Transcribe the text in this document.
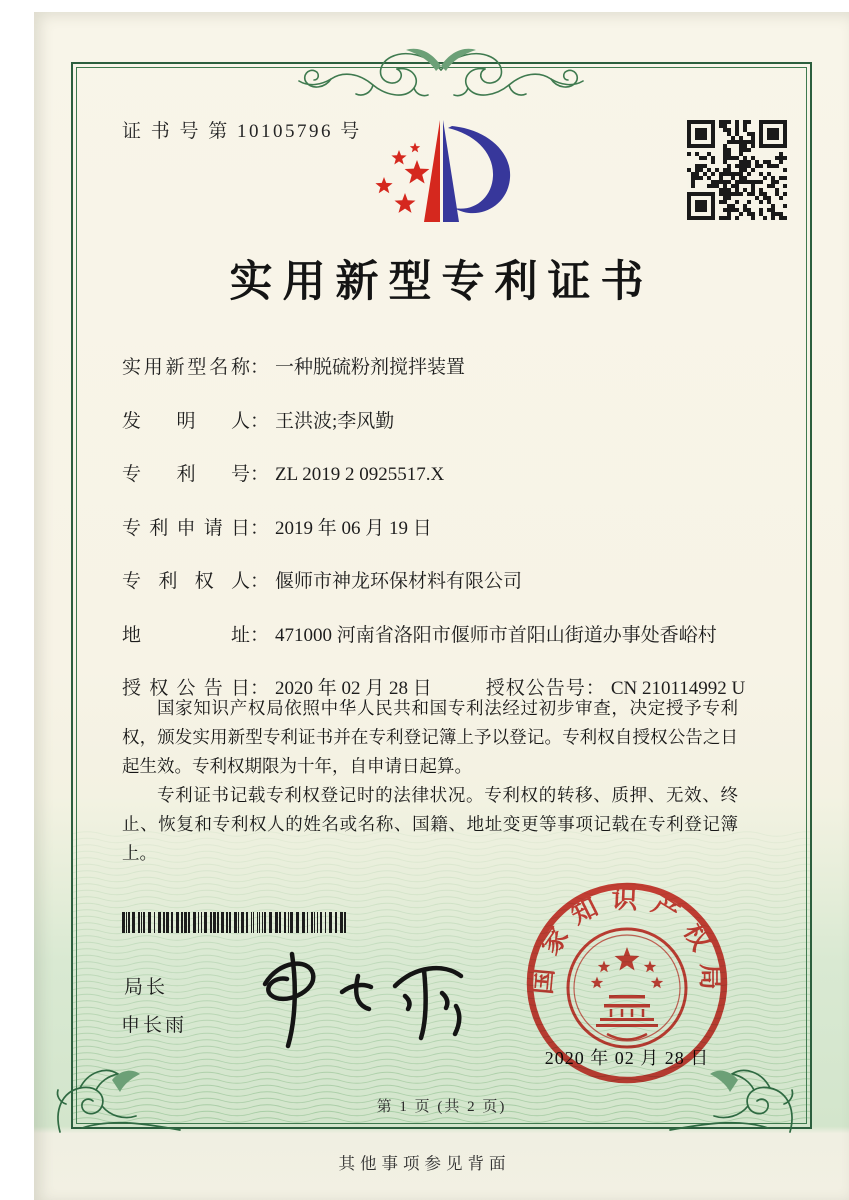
证 书 号 第 10105796 号
实用新型专利证书
实用新型名称： 一种脱硫粉剂搅拌装置
发明人： 王洪波;李风勤
专利号： ZL 2019 2 0925517.X
专利申请日： 2019 年 06 月 19 日
专利权人： 偃师市神龙环保材料有限公司
地址： 471000 河南省洛阳市偃师市首阳山街道办事处香峪村
授权公告日： 2020 年 02 月 28 日	授权公告号： CN 210114992 U

国家知识产权局依照中华人民共和国专利法经过初步审查，决定授予专利权，颁发实用新型专利证书并在专利登记簿上予以登记。专利权自授权公告之日起生效。专利权期限为十年，自申请日起算。

专利证书记载专利权登记时的法律状况。专利权的转移、质押、无效、终止、恢复和专利权人的姓名或名称、国籍、地址变更等事项记载在专利登记簿上。

局长
申长雨
2020 年 02 月 28 日
国家知识产权局
第 1 页 (共 2 页)
其他事项参见背面
